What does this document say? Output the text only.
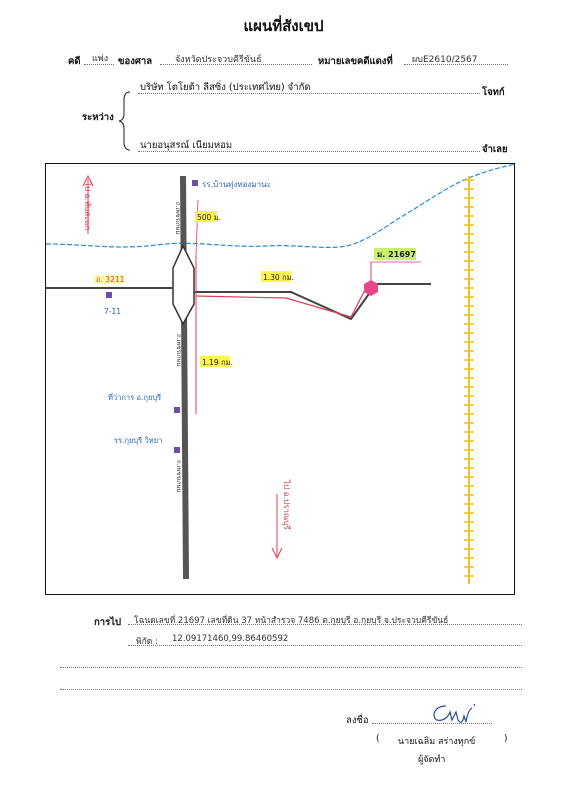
แผนที่สังเขป
คดี แพ่ง ของศาล	จังหวัดประจวบคีรีขันธ์	หมายเลขคดีแดงที่ ผบE2610/2567
ระหว่าง
บริษัท โตโยต้า ลีสซิ่ง (ประเทศไทย) จำกัด	โจทก์
นายอนุสรณ์ เนียมหอม	จำเลย
ไป อ.ทับสะแก	รร.บ้านทุ่งทองมานะ
ถ.เพชรเกษม 500 ม.
ม. 21697
ถ. 3211
7-11
1.30 กม.
ถ.เพชรเกษม	1.19 กม.
ที่ว่าการ อ.กุยบุรี
รร.กุยบุรี วิทยา
ถ.เพชรเกษม
ไป อ.ปราณบุรี
การไป โฉนดเลขที่ 21697 เลขที่ดิน 37 หน้าสำรวจ 7486 ต.กุยบุรี อ.กุยบุรี จ.ประจวบคีรีขันธ์
พิกัด : 12.09171460,99.86460592
ลงชื่อ
( นายเฉลิม สร่างทุกข์	)
ผู้จัดทำ
